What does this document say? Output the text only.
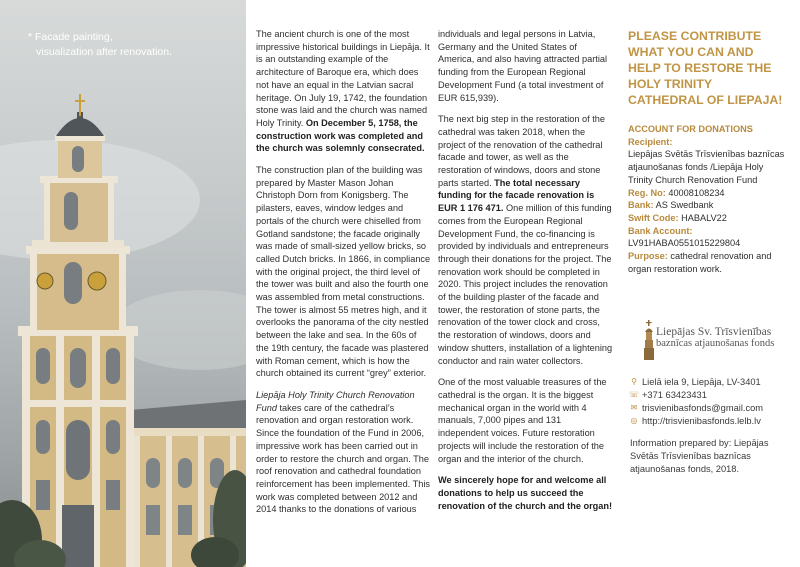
* Facade painting,
visualization after renovation.

The ancient church is one of the most impressive historical buildings in Liepāja. It is an outstanding example of the architecture of Baroque era, which does not have an equal in the Latvian sacral heritage. On July 19, 1742, the foundation stone was laid and the church was named Holy Trinity. On December 5, 1758, the construction work was completed and the church was solemnly consecrated.

The construction plan of the building was prepared by Master Mason Johan Christoph Dorn from Konigsberg. The pilasters, eaves, window ledges and portals of the church were chiselled from Gotland sandstone; the facade originally was made of small-sized yellow bricks, so called Dutch bricks. In 1866, in compliance with the original project, the third level of the tower was built and also the fourth one was assembled from metal constructions. The tower is almost 55 metres high, and it overlooks the panorama of the city nestled between the lake and sea. In the 60s of the 19th century, the facade was plastered with Roman cement, which is how the church obtained its current “grey” exterior.

Liepāja Holy Trinity Church Renovation Fund takes care of the cathedral’s renovation and organ restoration work. Since the foundation of the Fund in 2006, impressive work has been carried out in order to restore the church and organ. The roof renovation and cathedral foundation reinforcement has been implemented. This work was completed between 2012 and 2014 thanks to the donations of various

individuals and legal persons in Latvia, Germany and the United States of America, and also having attracted partial funding from the European Regional Development Fund (a total investment of EUR 615,939).

The next big step in the restoration of the cathedral was taken 2018, when the project of the renovation of the cathedral facade and tower, as well as the restoration of windows, doors and stone parts started. The total necessary funding for the facade renovation is EUR 1 176 471. One million of this funding comes from the European Regional Development Fund, the co-financing is provided by individuals and entrepreneurs through their donations for the project. The renovation work should be completed in 2020. This project includes the renovation of the building plaster of the facade and tower, the restoration of stone parts, the renovation of the tower clock and cross, the restoration of windows, doors and window shutters, installation of a lightening conductor and rain water collectors.

One of the most valuable treasures of the cathedral is the organ. It is the biggest mechanical organ in the world with 4 manuals, 7,000 pipes and 131 independent voices. Future restoration projects will include the restoration of the organ and the interior of the church.

We sincerely hope for and welcome all donations to help us succeed the renovation of the church and the organ!

PLEASE CONTRIBUTE WHAT YOU CAN AND HELP TO RESTORE THE HOLY TRINITY CATHEDRAL OF LIEPAJA!

ACCOUNT FOR DONATIONS

Recipient:

Liepājas Svētās Trīsvienības baznīcas atjaunošanas fonds /Liepāja Holy Trinity Church Renovation Fund

Reg. No: 40008108234

Bank: AS Swedbank

Swift Code: HABALV22

Bank Account:

LV91HABA0551015229804

Purpose: cathedral renovation and organ restoration work.

Liepājas Sv. Trīsvienības
baznīcas atjaunošanas fonds
⚲ Lielā iela 9, Liepāja, LV-3401
☏ +371 63423431
✉ trisvienibasfonds@gmail.com
◎ http://trisvienibasfonds.lelb.lv
Information prepared by: Liepājas Svētās Trīsvienības baznīcas atjaunošanas fonds, 2018.
